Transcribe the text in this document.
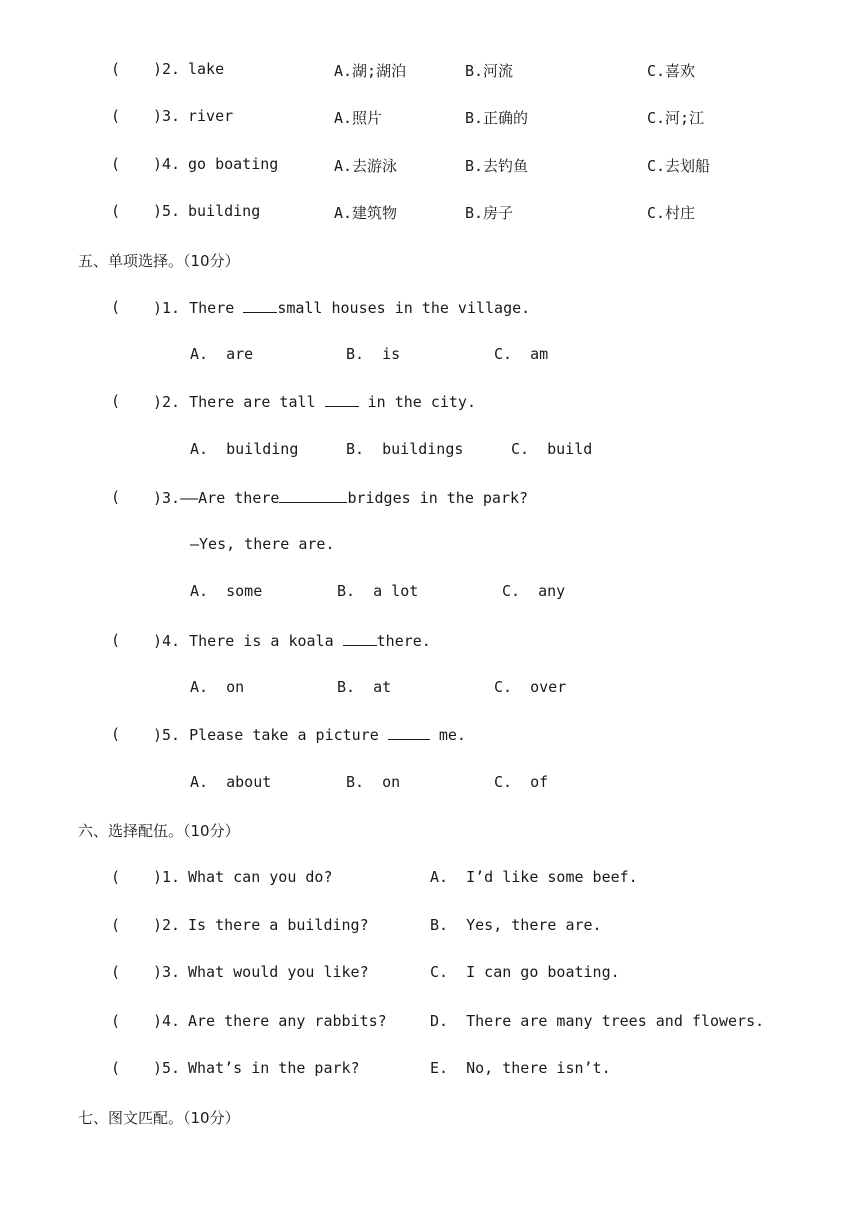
( )2. lake	A.湖;湖泊	B.河流	C.喜欢
( )3. river	A.照片	B.正确的	C.河;江
( )4. go boating	A.去游泳	B.去钓鱼	C.去划船
( )5. building	A.建筑物	B.房子	C.村庄
五、单项选择。（10分）
( )1. There small houses in the village.
A.  are	B.  is	C.  am
( )2. There are tall  in the city.
A.  building	B.  buildings	C.  build
( )3.——Are there	bridges in the park?
—Yes, there are.
A.  some	B.  a lot	C.  any
( )4. There is a koala there.
A.  on	B.  at	C.  over
( )5. Please take a picture	me.
A.  about	B.  on	C.  of
六、选择配伍。（10分）
( )1. What can you do?	A.  I’d like some beef.
( )2. Is there a building?	B.  Yes, there are.
( )3. What would you like?	C.  I can go boating.
( )4. Are there any rabbits?	D.  There are many trees and flowers.
( )5. What’s in the park?	E.  No, there isn’t.
七、图文匹配。（10分）
